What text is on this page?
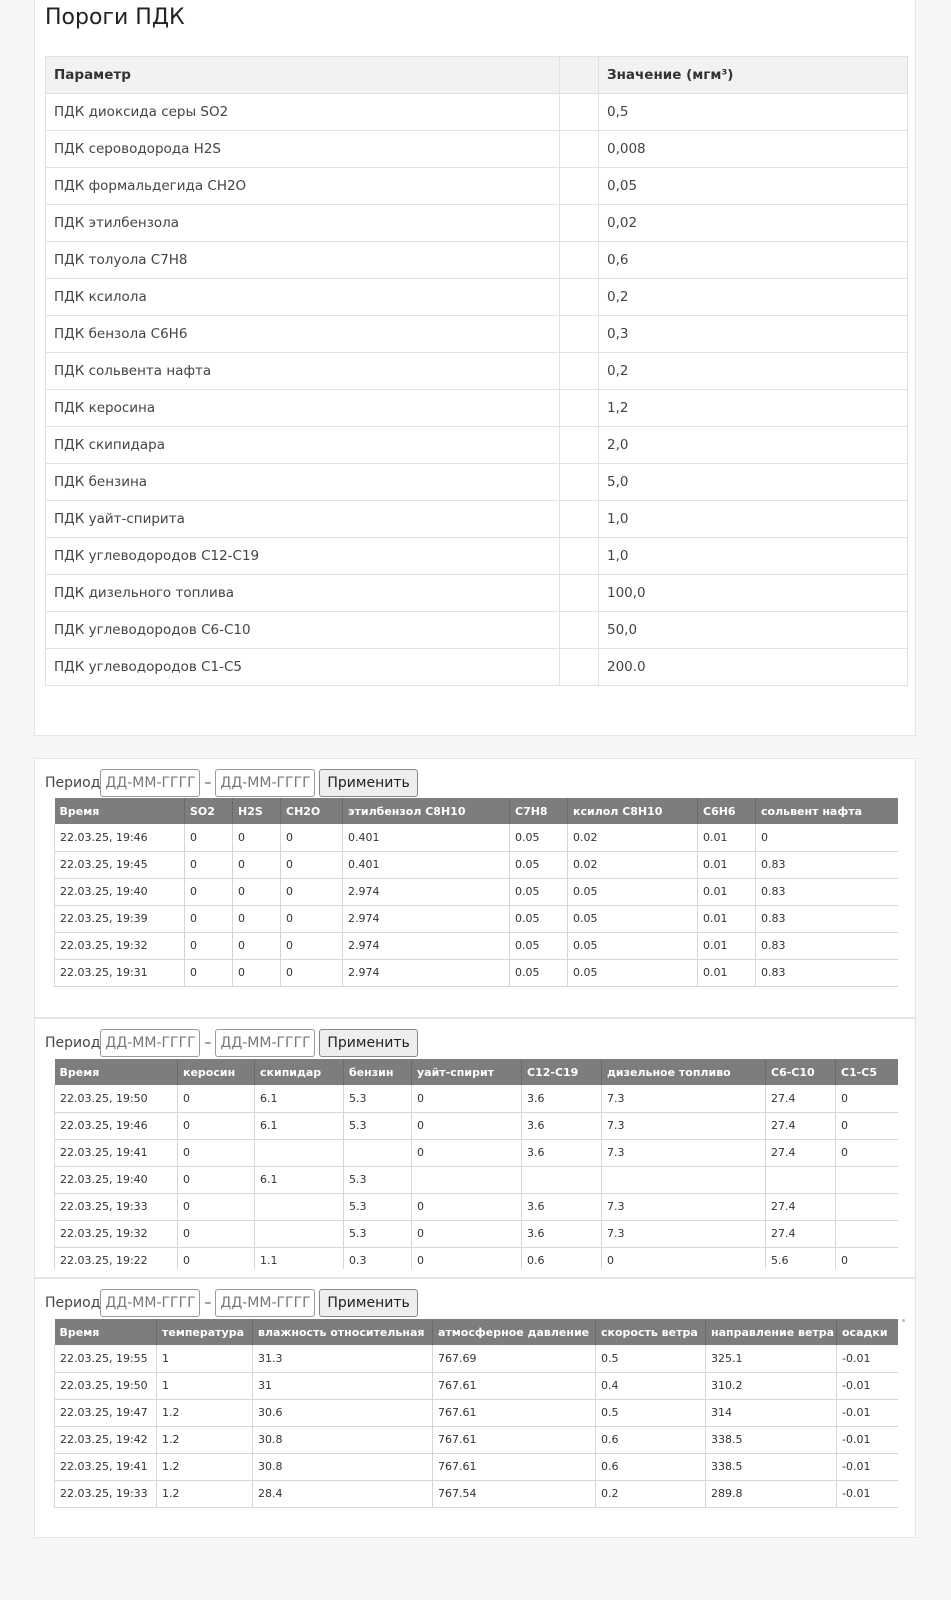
Пороги ПДК
Параметр		Значение (мгм³)
ПДК диоксида серы SO2		0,5
ПДК сероводорода H2S		0,008
ПДК формальдегида CH2O		0,05
ПДК этилбензола		0,02
ПДК толуола С7Н8		0,6
ПДК ксилола		0,2
ПДК бензола С6Н6		0,3
ПДК сольвента нафта		0,2
ПДК керосина		1,2
ПДК скипидара		2,0
ПДК бензина		5,0
ПДК уайт-спирита		1,0
ПДК углеводородов С12-С19		1,0
ПДК дизельного топлива		100,0
ПДК углеводородов С6-С10		50,0
ПДК углеводородов С1-С5		200.0
Период
ДД-ММ-ГГГГ	–
ДД-ММ-ГГГГ	Применить
Время	SO2	H2S	CH2O	этилбензол C8H10	C7H8	ксилол C8H10	C6H6	сольвент нафта
22.03.25, 19:46	0	0	0	0.401	0.05	0.02	0.01	0
22.03.25, 19:45	0	0	0	0.401	0.05	0.02	0.01	0.83
22.03.25, 19:40	0	0	0	2.974	0.05	0.05	0.01	0.83
22.03.25, 19:39	0	0	0	2.974	0.05	0.05	0.01	0.83
22.03.25, 19:32	0	0	0	2.974	0.05	0.05	0.01	0.83
22.03.25, 19:31	0	0	0	2.974	0.05	0.05	0.01	0.83
Период
ДД-ММ-ГГГГ	–
ДД-ММ-ГГГГ	Применить
Время	керосин	скипидар	бензин	уайт-спирит	C12-C19	дизельное топливо	C6-C10	C1-C5
22.03.25, 19:50	0	6.1	5.3	0	3.6	7.3	27.4	0
22.03.25, 19:46	0	6.1	5.3	0	3.6	7.3	27.4	0
22.03.25, 19:41	0			0	3.6	7.3	27.4	0
22.03.25, 19:40	0	6.1	5.3					
22.03.25, 19:33	0		5.3	0	3.6	7.3	27.4	
22.03.25, 19:32	0		5.3	0	3.6	7.3	27.4	
22.03.25, 19:22	0	1.1	0.3	0	0.6	0	5.6	0
Период
ДД-ММ-ГГГГ	–
ДД-ММ-ГГГГ	Применить
Время	температура	влажность относительная	атмосферное давление	скорость ветра	направление ветра	осадки
22.03.25, 19:55	1	31.3	767.69	0.5	325.1	-0.01
22.03.25, 19:50	1	31	767.61	0.4	310.2	-0.01
22.03.25, 19:47	1.2	30.6	767.61	0.5	314	-0.01
22.03.25, 19:42	1.2	30.8	767.61	0.6	338.5	-0.01
22.03.25, 19:41	1.2	30.8	767.61	0.6	338.5	-0.01
22.03.25, 19:33	1.2	28.4	767.54	0.2	289.8	-0.01
